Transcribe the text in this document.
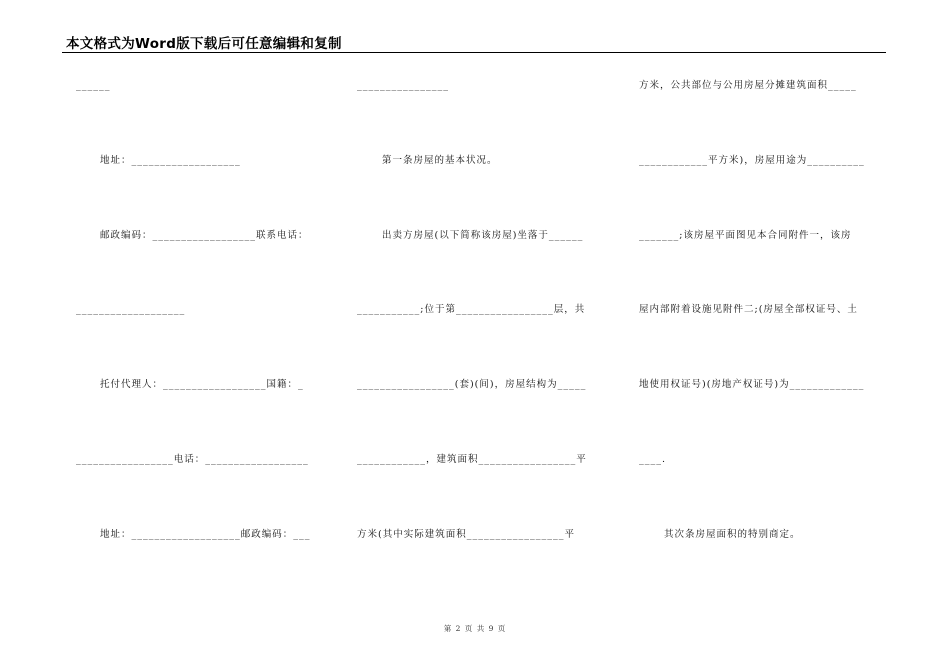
本文格式为Word版下载后可任意编辑和复制
______
地址：___________________
邮政编码：__________________联系电话：
___________________
托付代理人：__________________国籍：_
_________________电话：__________________
地址：___________________邮政编码：___
________________
第一条房屋的基本状况。
出卖方房屋(以下简称该房屋)坐落于______
___________;位于第_________________层，共
_________________(套)(间)，房屋结构为_____
____________，建筑面积_________________平
方米(其中实际建筑面积_________________平
方米，公共部位与公用房屋分摊建筑面积_____
____________平方米)，房屋用途为__________
_______;该房屋平面图见本合同附件一，该房
屋内部附着设施见附件二;(房屋全部权证号、土
地使用权证号)(房地产权证号)为_____________
____.
其次条房屋面积的特别商定。
第 2 页 共 9 页
